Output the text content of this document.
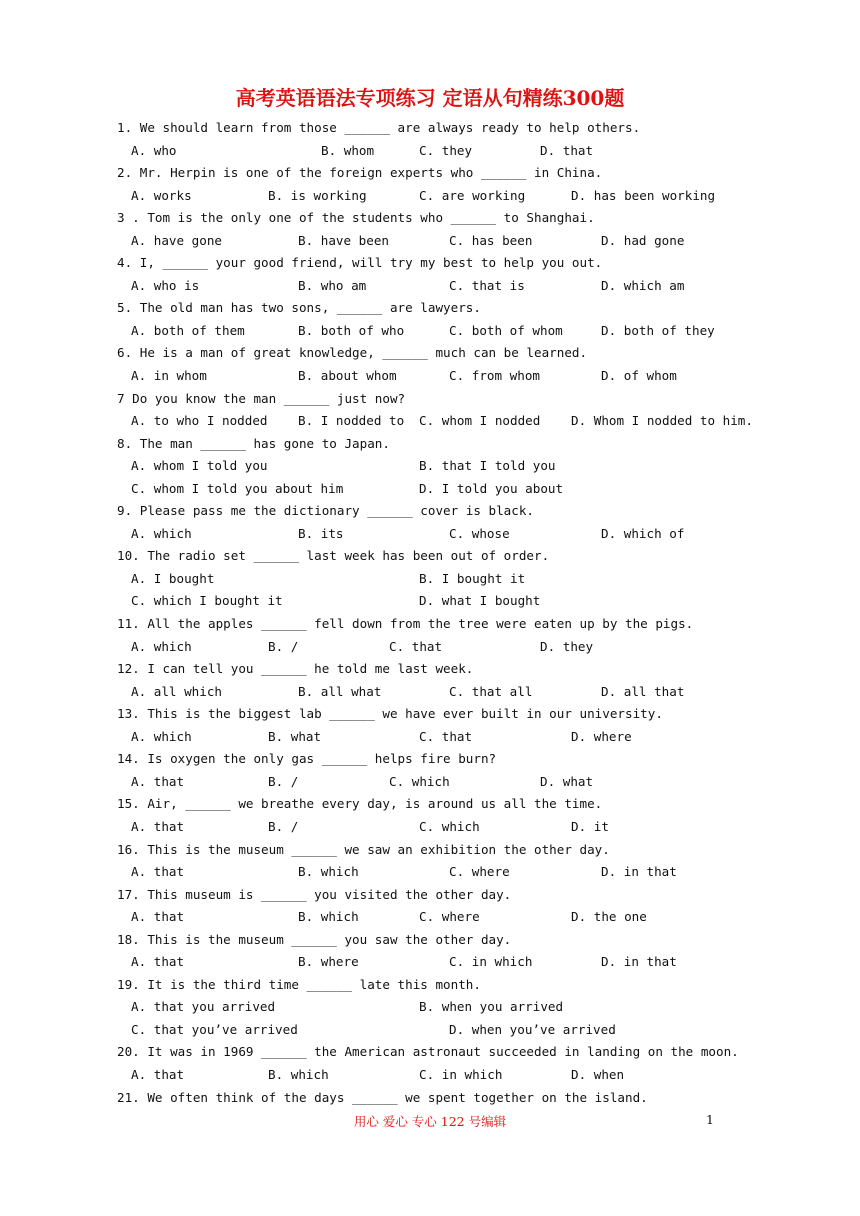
高考英语语法专项练习 定语从句精练300题
1. We should learn from those ______ are always ready to help others.
A. who	B. whom	C. they	D. that
2. Mr. Herpin is one of the foreign experts who ______ in China.
A. works	B. is working	C. are working	D. has been working
3 . Tom is the only one of the students who ______ to Shanghai.
A. have gone	B. have been	C. has been	D. had gone
4. I, ______ your good friend, will try my best to help you out.
A. who is	B. who am	C. that is	D. which am
5. The old man has two sons, ______ are lawyers.
A. both of them	B. both of who	C. both of whom	D. both of they
6. He is a man of great knowledge, ______ much can be learned.
A. in whom	B. about whom	C. from whom	D. of whom
7 Do you know the man ______ just now?
A. to who I nodded B. I nodded to C. whom I nodded D. Whom I nodded to him.
8. The man ______ has gone to Japan.
A. whom I told you	B. that I told you
C. whom I told you about him	D. I told you about
9. Please pass me the dictionary ______ cover is black.
A. which	B. its	C. whose	D. which of
10. The radio set ______ last week has been out of order.
A. I bought	B. I bought it
C. which I bought it	D. what I bought
11. All the apples ______ fell down from the tree were eaten up by the pigs.
A. which	B. /	C. that	D. they
12. I can tell you ______ he told me last week.
A. all which	B. all what	C. that all	D. all that
13. This is the biggest lab ______ we have ever built in our university.
A. which	B. what	C. that	D. where
14. Is oxygen the only gas ______ helps fire burn?
A. that	B. /	C. which	D. what
15. Air, ______ we breathe every day, is around us all the time.
A. that	B. /	C. which	D. it
16. This is the museum ______ we saw an exhibition the other day.
A. that	B. which	C. where	D. in that
17. This museum is ______ you visited the other day.
A. that	B. which	C. where	D. the one
18. This is the museum ______ you saw the other day.
A. that	B. where	C. in which	D. in that
19. It is the third time ______ late this month.
A. that you arrived	B. when you arrived
C. that you’ve arrived	D. when you’ve arrived
20. It was in 1969 ______ the American astronaut succeeded in landing on the moon.
A. that	B. which	C. in which	D. when
21. We often think of the days ______ we spent together on the island.
用心 爱心 专心 122 号编辑	1
